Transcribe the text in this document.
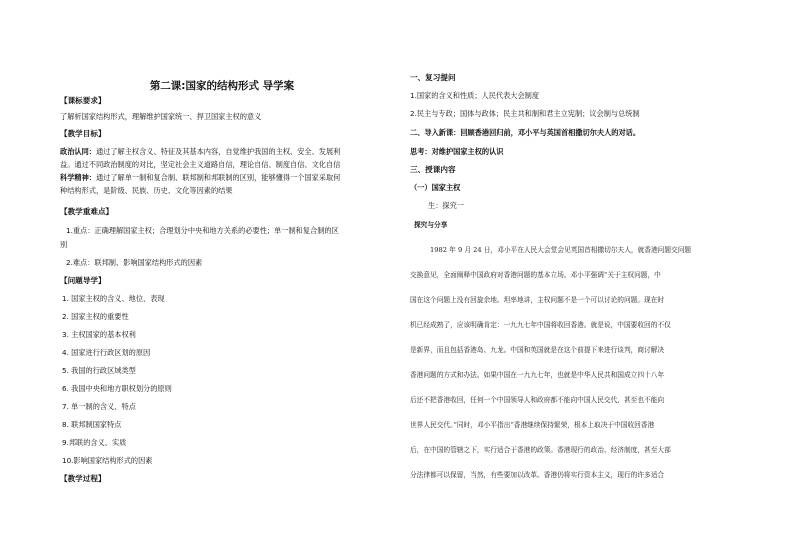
第二课:国家的结构形式 导学案
【课标要求】
了解析国家结构形式，理解维护国家统一、捍卫国家主权的意义
【教学目标】
政治认同：通过了解主权含义、特征及其基本内容，自觉维护我国的主权、安全、发展利
益。通过不同政治制度的对比，坚定社会主义道路自信，理论自信、制度自信、文化自信
科学精神：通过了解单一制和复合制、联邦制和邦联制的区别，能够懂得一个国家采取何
种结构形式，是阶级、民族、历史、文化等因素的结果
【教学重难点】
1.重点：正确理解国家主权；合理划分中央和地方关系的必要性；单一制和复合制的区
别
2.难点：联邦制、影响国家结构形式的因素
【问题导学】
1. 国家主权的含义、地位、表现
2. 国家主权的重要性
3. 主权国家的基本权利
4. 国家进行行政区划的原因
5. 我国的行政区域类型
6. 我国中央和地方职权划分的原则
7. 单一制的含义、特点
8. 联邦制国家特点
9.邦联的含义、实质
10.影响国家结构形式的因素
【教学过程】
一、复习提问
1.国家的含义和性质；人民代表大会制度
2.民主与专政；国体与政体；民主共和制和君主立宪制；议会制与总统制
二、导入新课：回顾香港回归前，邓小平与英国首相撒切尔夫人的对话。
思考：对维护国家主权的认识
三、授课内容
（一）国家主权
生：探究一
探究与分享
1982 年 9 月 24 日，邓小平在人民大会堂会见英国首相撒切尔夫人，就香港问题交问题
交换意见，全面阐释中国政府对香港问题的基本立场。邓小平强调“关于主权问题，中
国在这个问题上没有回旋余地。坦率地讲，主权问题不是一个可以讨论的问题。现在时
机已经成熟了，应该明确肯定：一九九七年中国将收回香港。就是说，中国要收回的不仅
是新界，而且包括香港岛、九龙。中国和英国就是在这个前提下来进行谈判，商讨解决
香港问题的方式和办法。如果中国在一九九七年，也就是中华人民共和国成立四十八年
后还不把香港收回，任何一个中国领导人和政府都不能向中国人民交代，甚至也不能向
世界人民交代。”同时，邓小平指出“香港继续保持繁荣，根本上取决于中国收回香港
后，在中国的管辖之下，实行适合于香港的政策。香港现行的政治、经济制度，甚至大部
分法律都可以保留，当然，有些要加以改革。香港仍将实行资本主义，现行的许多适合
